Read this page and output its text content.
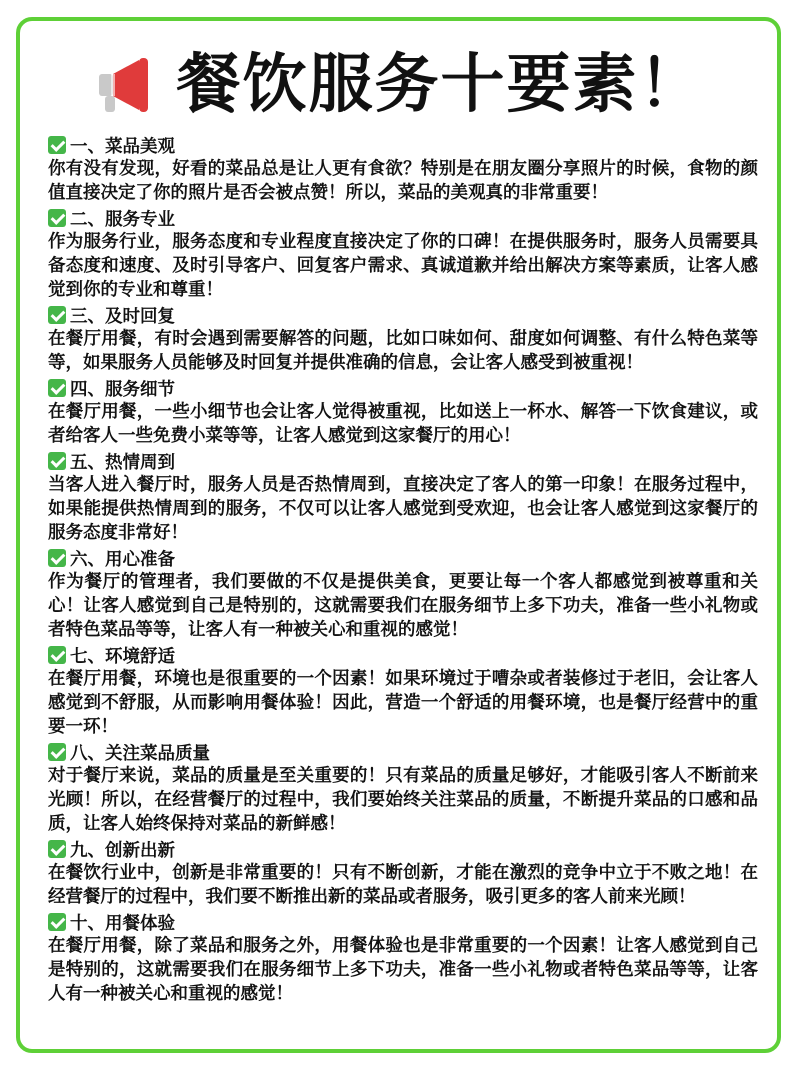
餐饮服务十要素！
一、菜品美观

你有没有发现，好看的菜品总是让人更有食欲？特别是在朋友圈分享照片的时候，食物的颜值直接决定了你的照片是否会被点赞！所以，菜品的美观真的非常重要！

二、服务专业

作为服务行业，服务态度和专业程度直接决定了你的口碑！在提供服务时，服务人员需要具备态度和速度、及时引导客户、回复客户需求、真诚道歉并给出解决方案等素质，让客人感觉到你的专业和尊重！

三、及时回复

在餐厅用餐，有时会遇到需要解答的问题，比如口味如何、甜度如何调整、有什么特色菜等等，如果服务人员能够及时回复并提供准确的信息，会让客人感受到被重视！

四、服务细节

在餐厅用餐，一些小细节也会让客人觉得被重视，比如送上一杯水、解答一下饮食建议，或者给客人一些免费小菜等等，让客人感觉到这家餐厅的用心！

五、热情周到

当客人进入餐厅时，服务人员是否热情周到，直接决定了客人的第一印象！在服务过程中，如果能提供热情周到的服务，不仅可以让客人感觉到受欢迎，也会让客人感觉到这家餐厅的服务态度非常好！

六、用心准备

作为餐厅的管理者，我们要做的不仅是提供美食，更要让每一个客人都感觉到被尊重和关心！让客人感觉到自己是特别的，这就需要我们在服务细节上多下功夫，准备一些小礼物或者特色菜品等等，让客人有一种被关心和重视的感觉！

七、环境舒适

在餐厅用餐，环境也是很重要的一个因素！如果环境过于嘈杂或者装修过于老旧，会让客人感觉到不舒服，从而影响用餐体验！因此，营造一个舒适的用餐环境，也是餐厅经营中的重要一环！

八、关注菜品质量

对于餐厅来说，菜品的质量是至关重要的！只有菜品的质量足够好，才能吸引客人不断前来光顾！所以，在经营餐厅的过程中，我们要始终关注菜品的质量，不断提升菜品的口感和品质，让客人始终保持对菜品的新鲜感！

九、创新出新

在餐饮行业中，创新是非常重要的！只有不断创新，才能在激烈的竞争中立于不败之地！在经营餐厅的过程中，我们要不断推出新的菜品或者服务，吸引更多的客人前来光顾！

十、用餐体验

在餐厅用餐，除了菜品和服务之外，用餐体验也是非常重要的一个因素！让客人感觉到自己是特别的，这就需要我们在服务细节上多下功夫，准备一些小礼物或者特色菜品等等，让客人有一种被关心和重视的感觉！
